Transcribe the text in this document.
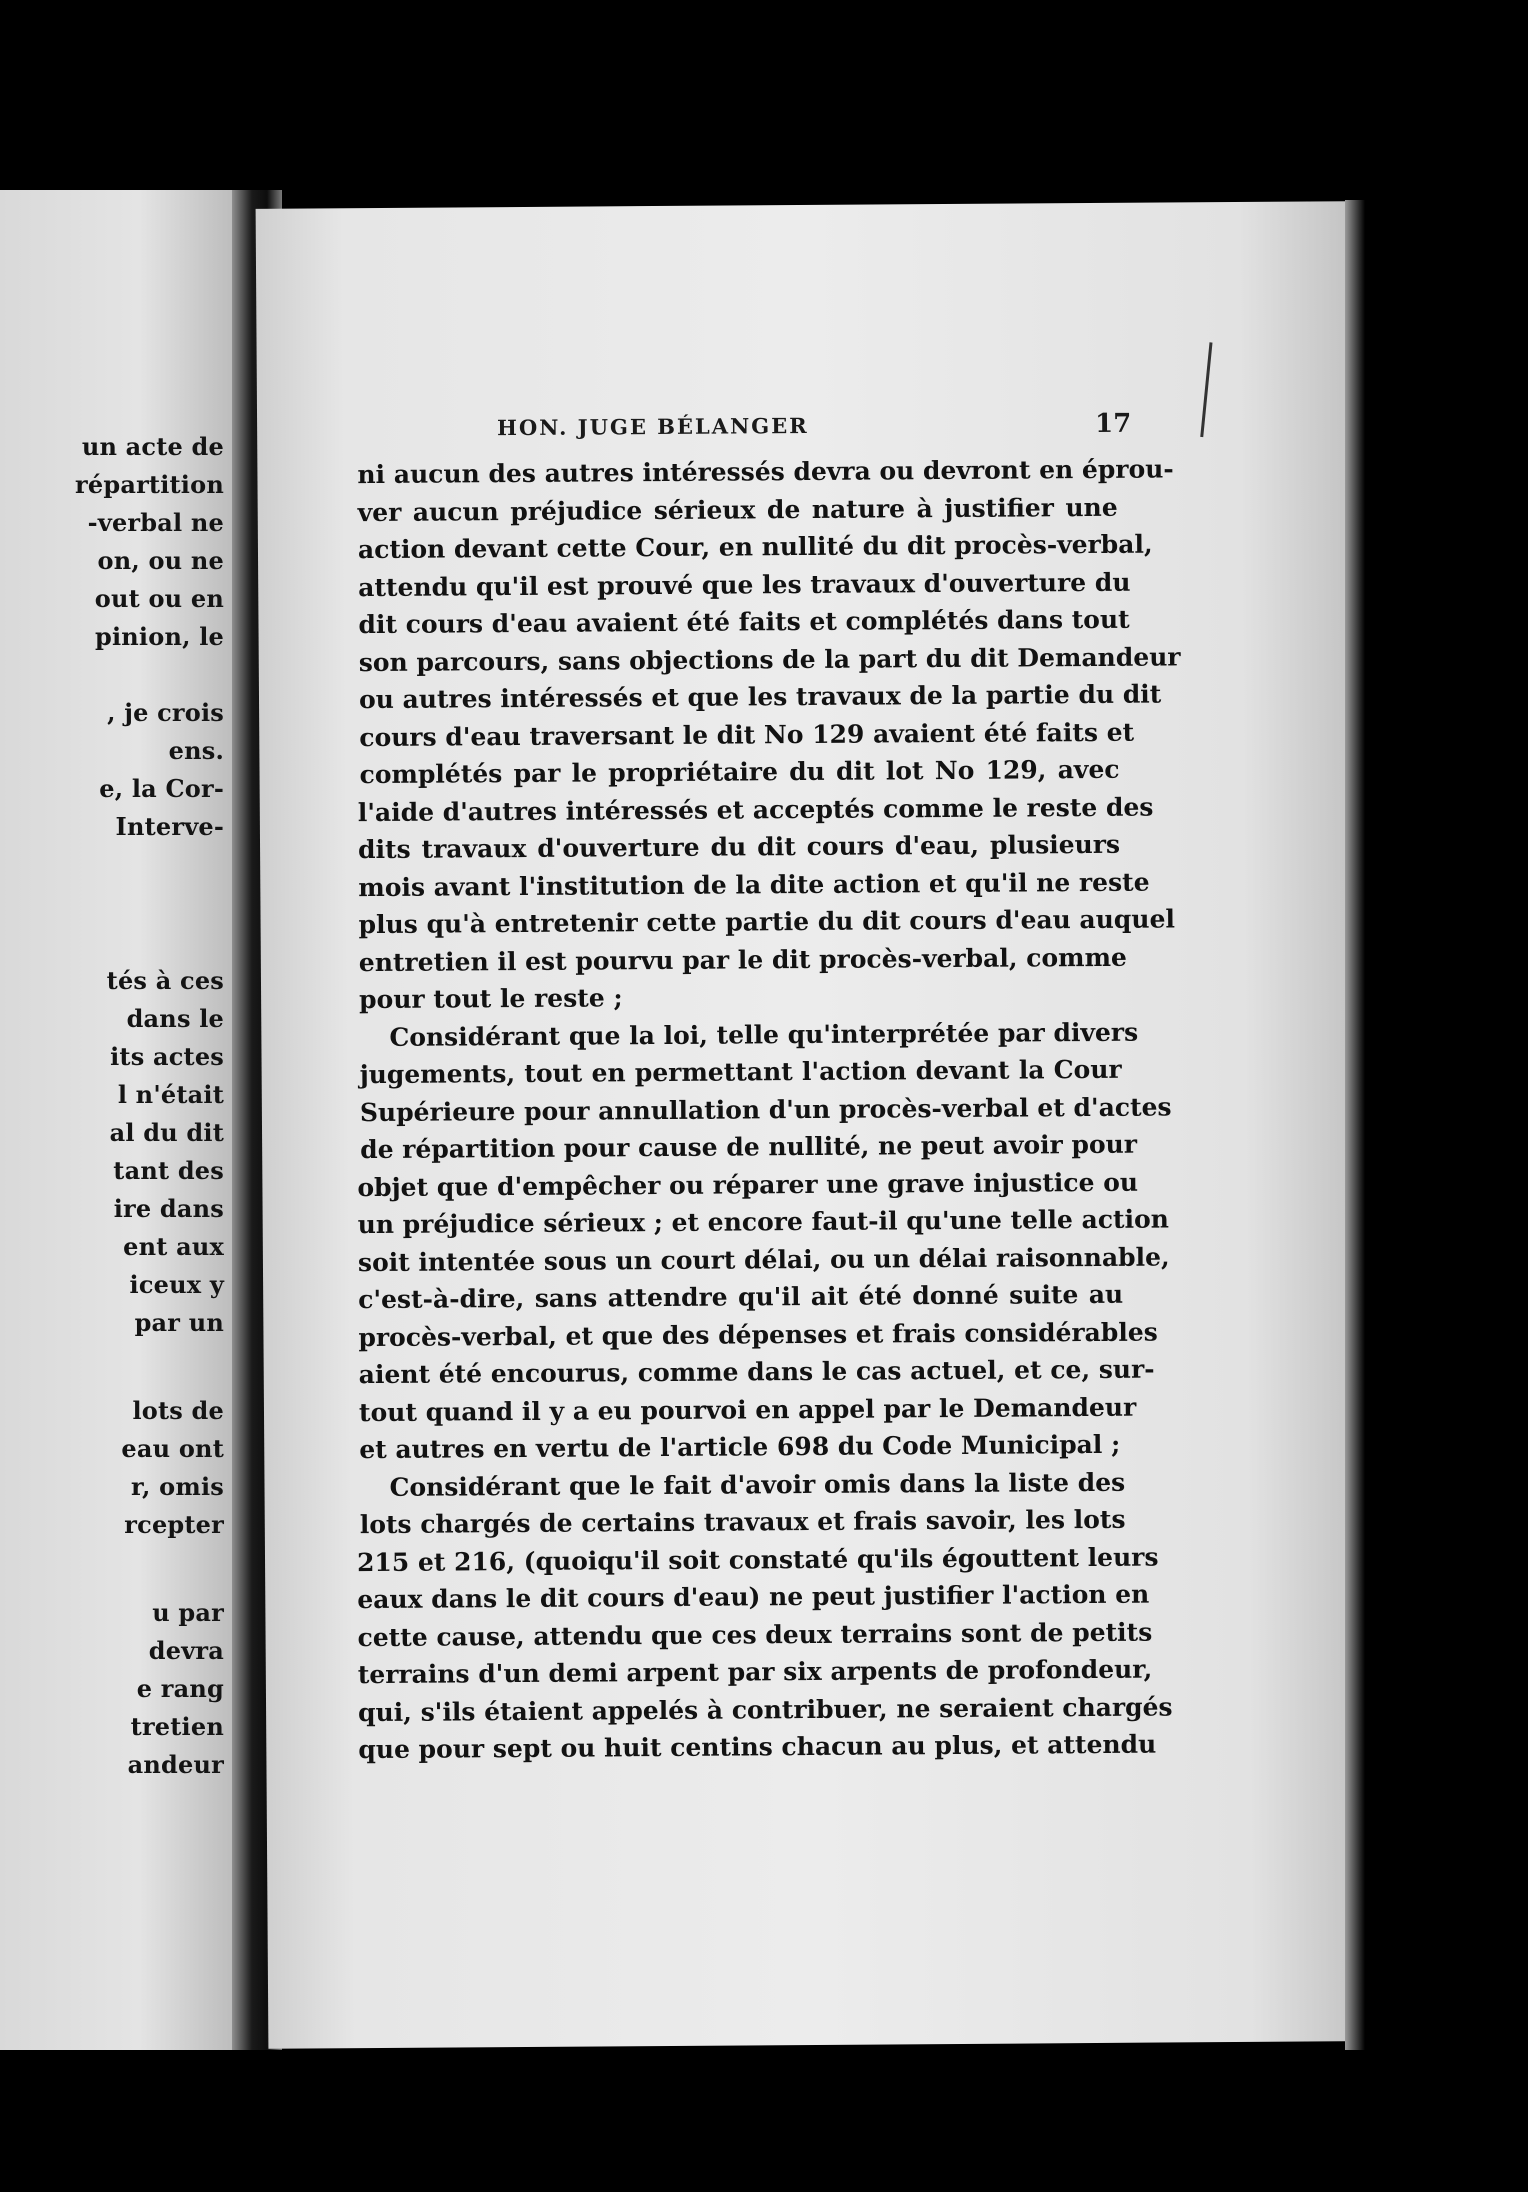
un acte de
répartition
-verbal ne
on, ou ne
out ou en
pinion, le
, je crois
ens.
e, la Cor-
Interve-
tés à ces
dans le
its actes
l n'était
al du dit
tant des
ire dans
ent aux
iceux y
par un
lots de
eau ont
r, omis
rcepter
u par
devra
e rang
tretien
andeur
HON. JUGE BÉLANGER	17
ni aucun des autres intéressés devra ou devront en éprou-
ver aucun préjudice sérieux de nature à justifier une
action devant cette Cour, en nullité du dit procès-verbal,
attendu qu'il est prouvé que les travaux d'ouverture du
dit cours d'eau avaient été faits et complétés dans tout
son parcours, sans objections de la part du dit Demandeur
ou autres intéressés et que les travaux de la partie du dit
cours d'eau traversant le dit No 129 avaient été faits et
complétés par le propriétaire du dit lot No 129, avec
l'aide d'autres intéressés et acceptés comme le reste des
dits travaux d'ouverture du dit cours d'eau, plusieurs
mois avant l'institution de la dite action et qu'il ne reste
plus qu'à entretenir cette partie du dit cours d'eau auquel
entretien il est pourvu par le dit procès-verbal, comme
pour tout le reste ;
Considérant que la loi, telle qu'interprétée par divers
jugements, tout en permettant l'action devant la Cour
Supérieure pour annullation d'un procès-verbal et d'actes
de répartition pour cause de nullité, ne peut avoir pour
objet que d'empêcher ou réparer une grave injustice ou
un préjudice sérieux ; et encore faut-il qu'une telle action
soit intentée sous un court délai, ou un délai raisonnable,
c'est-à-dire, sans attendre qu'il ait été donné suite au
procès-verbal, et que des dépenses et frais considérables
aient été encourus, comme dans le cas actuel, et ce, sur-
tout quand il y a eu pourvoi en appel par le Demandeur
et autres en vertu de l'article 698 du Code Municipal ;
Considérant que le fait d'avoir omis dans la liste des
lots chargés de certains travaux et frais savoir, les lots
215 et 216, (quoiqu'il soit constaté qu'ils égouttent leurs
eaux dans le dit cours d'eau) ne peut justifier l'action en
cette cause, attendu que ces deux terrains sont de petits
terrains d'un demi arpent par six arpents de profondeur,
qui, s'ils étaient appelés à contribuer, ne seraient chargés
que pour sept ou huit centins chacun au plus, et attendu
